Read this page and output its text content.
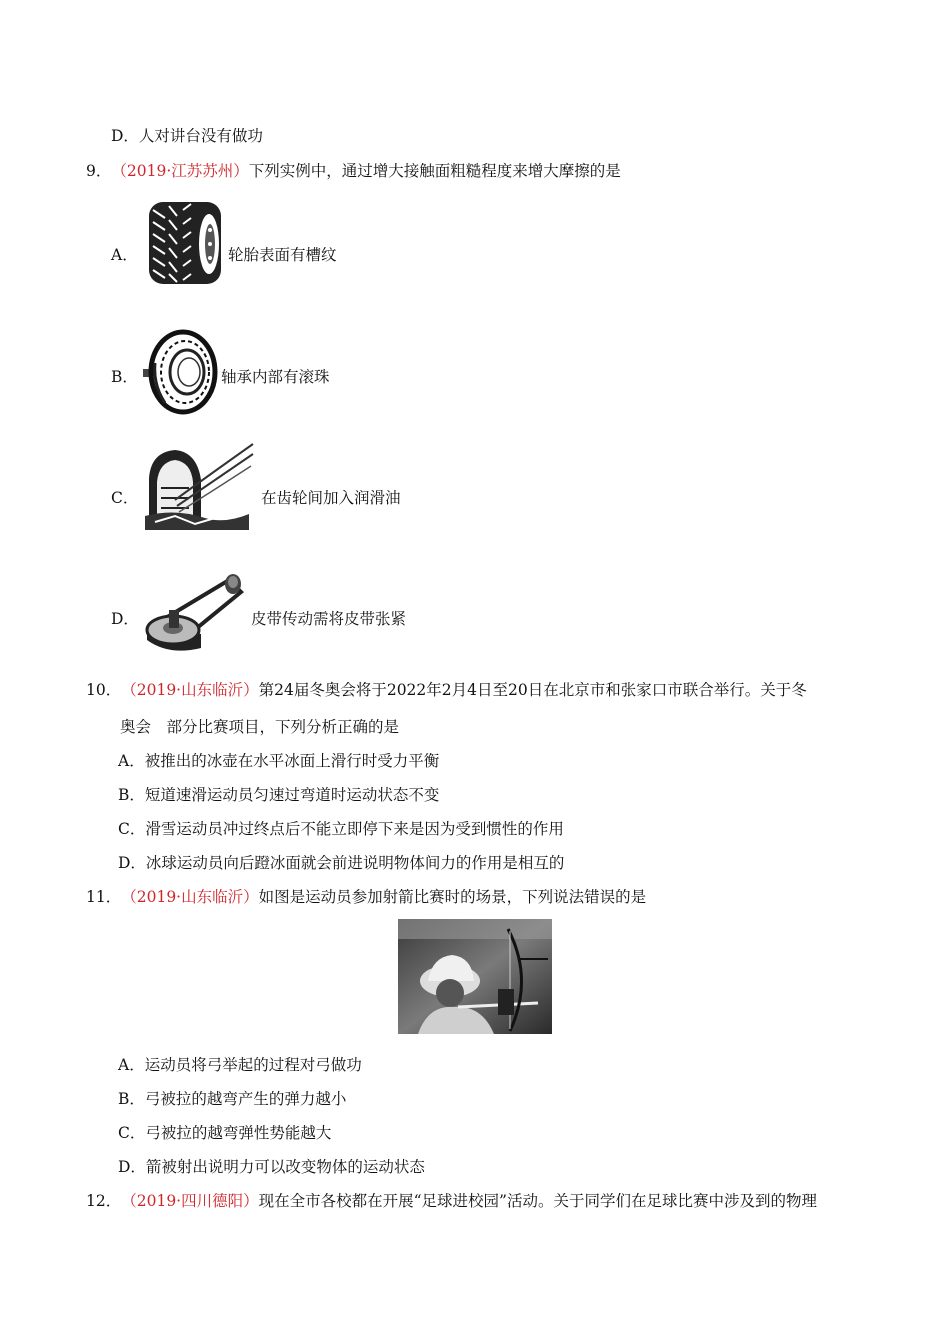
D．人对讲台没有做功
9．（2019·江苏苏州）下列实例中，通过增大接触面粗糙程度来增大摩擦的是
A．	轮胎表面有槽纹
B．	轴承内部有滚珠
C．	在齿轮间加入润滑油
D．	皮带传动需将皮带张紧
10．（2019·山东临沂）第24届冬奥会将于2022年2月4日至20日在北京市和张家口市联合举行。关于冬
奥会　部分比赛项目，下列分析正确的是
A．被推出的冰壶在水平冰面上滑行时受力平衡
B．短道速滑运动员匀速过弯道时运动状态不变
C．滑雪运动员冲过终点后不能立即停下来是因为受到惯性的作用
D．冰球运动员向后蹬冰面就会前进说明物体间力的作用是相互的
11．（2019·山东临沂）如图是运动员参加射箭比赛时的场景，下列说法错误的是
A．运动员将弓举起的过程对弓做功
B．弓被拉的越弯产生的弹力越小
C．弓被拉的越弯弹性势能越大
D．箭被射出说明力可以改变物体的运动状态
12．（2019·四川德阳）现在全市各校都在开展“足球进校园”活动。关于同学们在足球比赛中涉及到的物理
